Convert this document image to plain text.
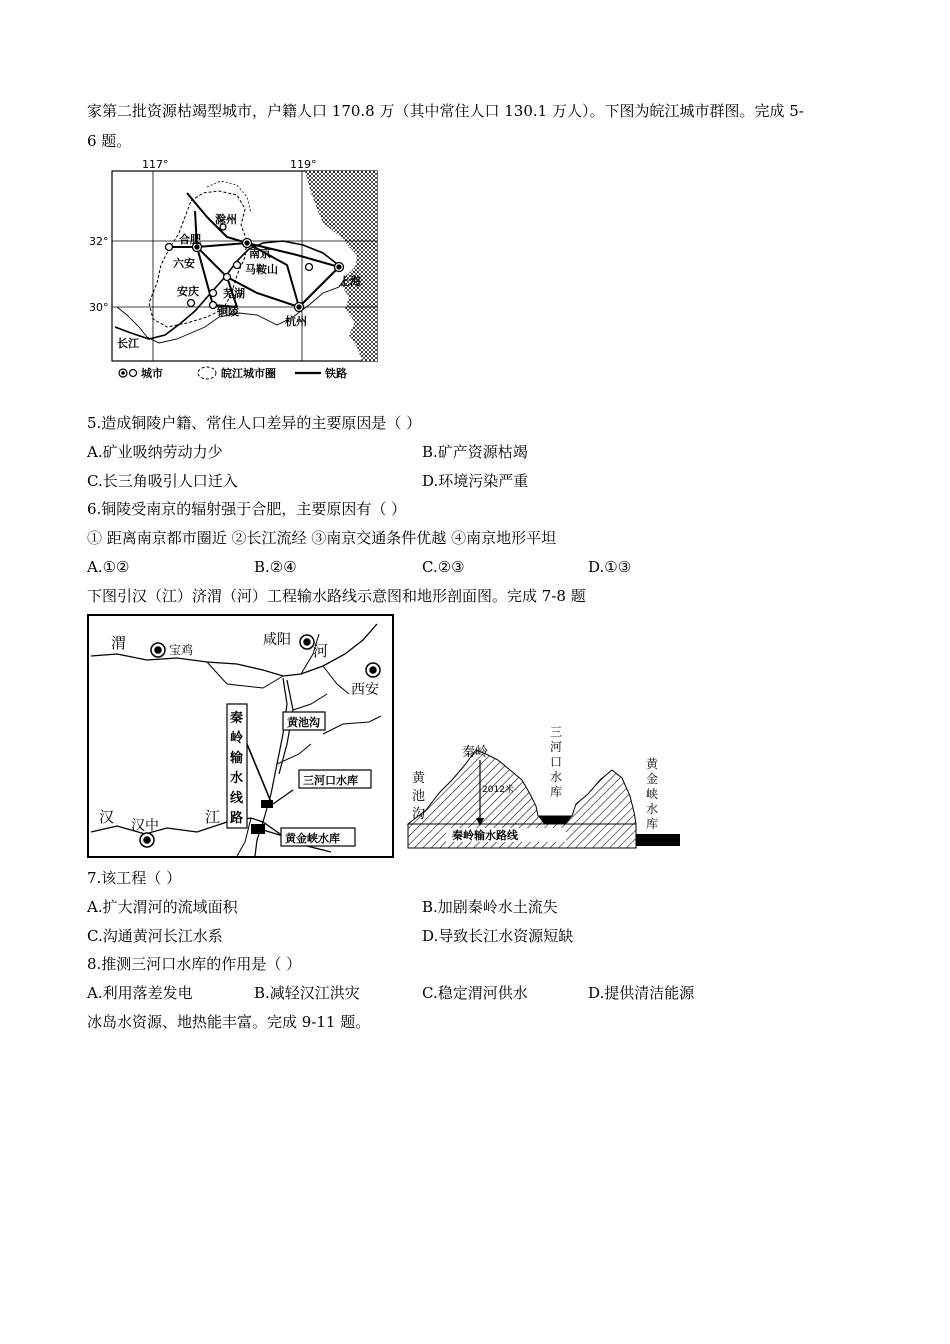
家第二批资源枯竭型城市，户籍人口 170.8 万（其中常住人口 130.1 万人）。下图为皖江城市群图。完成 5-
6 题。
117°	119°
32°
30°
滁州
合肥
南京
六安	马鞍山
上海
安庆 芜湖
铜陵
杭州
长江
城市	皖江城市圈	铁路
5.造成铜陵户籍、常住人口差异的主要原因是（ ）
A.矿业吸纳劳动力少	B.矿产资源枯竭
C.长三角吸引人口迁入	D.环境污染严重
6.铜陵受南京的辐射强于合肥，主要原因有（ ）
① 距离南京都市圈近 ②长江流经 ③南京交通条件优越 ④南京地形平坦
A.①②	B.②④	C.②③	D.①③
下图引汉（江）济渭（河）工程输水路线示意图和地形剖面图。完成 7-8 题
渭	河
宝鸡
咸阳
西安
黄池沟
三河口水库
黄金峡水库
秦
岭
输
水
线
路
汉 汉中	江
黄
池
沟
秦岭
2012米
三
河
口
水
库
黄
金
峡
水
库
秦岭输水路线
7.该工程（ ）
A.扩大渭河的流域面积	B.加剧秦岭水土流失
C.沟通黄河长江水系	D.导致长江水资源短缺
8.推测三河口水库的作用是（ ）
A.利用落差发电	B.减轻汉江洪灾	C.稳定渭河供水	D.提供清洁能源
冰岛水资源、地热能丰富。完成 9-11 题。
